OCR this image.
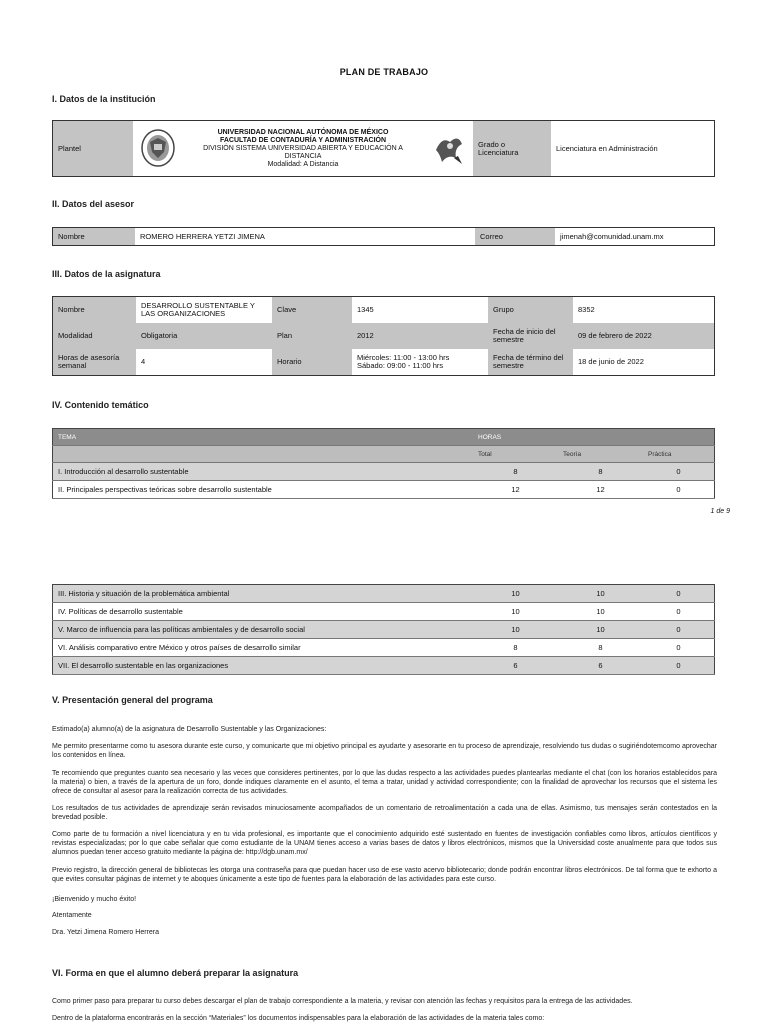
PLAN DE TRABAJO
I. Datos de la institución
Plantel		
UNIVERSIDAD NACIONAL AUTÓNOMA DE MÉXICO
FACULTAD DE CONTADURÍA Y ADMINISTRACIÓN
DIVISIÓN SISTEMA UNIVERSIDAD ABIERTA Y EDUCACIÓN A DISTANCIA
Modalidad: A Distancia
		Grado o Licenciatura	Licenciatura en Administración
II. Datos del asesor
Nombre	ROMERO HERRERA YETZI JIMENA	Correo	jimenah@comunidad.unam.mx
III. Datos de la asignatura
Nombre	DESARROLLO SUSTENTABLE Y LAS ORGANIZACIONES	Clave	1345	Grupo	8352
Modalidad	Obligatoria	Plan	2012	Fecha de inicio del semestre	09 de febrero de 2022
Horas de asesoría semanal	4	Horario	Miércoles: 11:00 - 13:00 hrs
Sábado: 09:00 - 11:00 hrs	Fecha de término del semestre	18 de junio de 2022
IV. Contenido temático
TEMA	HORAS		
	Total	Teoría	Práctica
I. Introducción al desarrollo sustentable	8	8	0
II. Principales perspectivas teóricas sobre desarrollo sustentable	12	12	0
1 de 9
III. Historia y situación de la problemática ambiental	10	10	0
IV. Políticas de desarrollo sustentable	10	10	0
V. Marco de influencia para las políticas ambientales y de desarrollo social	10	10	0
VI. Análisis comparativo entre México y otros países de desarrollo similar	8	8	0
VII. El desarrollo sustentable en las organizaciones	6	6	0
V. Presentación general del programa
Estimado(a) alumno(a) de la asignatura de Desarrollo Sustentable y las Organizaciones:
Me permito presentarme como tu asesora durante este curso, y comunicarte que mi objetivo principal es ayudarte y asesorarte en tu proceso de aprendizaje, resolviendo tus dudas o sugiriéndotemcomo aprovechar los contenidos en línea.
Te recomiendo que preguntes cuanto sea necesario y las veces que consideres pertinentes, por lo que las dudas respecto a las actividades puedes plantearlas mediante el chat (con los horarios establecidos para la materia) o bien, a través de la apertura de un foro, donde indiques claramente en el asunto, el tema a tratar, unidad y actividad correspondiente; con la finalidad de aprovechar los recursos que el sistema les ofrece de consultar al asesor para la realización correcta de tus actividades.
Los resultados de tus actividades de aprendizaje serán revisados minuciosamente acompañados de un comentario de retroalimentación a cada una de ellas. Asimismo, tus mensajes serán contestados en la brevedad posible.
Como parte de tu formación a nivel licenciatura y en tu vida profesional, es importante que el conocimiento adquirido esté sustentado en fuentes de investigación confiables como libros, artículos científicos y revistas especializadas; por lo que cabe señalar que como estudiante de la UNAM tienes acceso a varias bases de datos y libros electrónicos, mismos que la Universidad coste anualmente para que todos sus alumnos puedan tener acceso gratuito mediante la página de: http://dgb.unam.mx/
Previo registro, la dirección general de bibliotecas les otorga una contraseña para que puedan hacer uso de ese vasto acervo bibliotecario; donde podrán encontrar libros electrónicos. De tal forma que te exhorto a que evites consultar páginas de internet y te aboques únicamente a este tipo de fuentes para la elaboración de las actividades para este curso.
¡Bienvenido y mucho éxito!
Atentamente
Dra. Yetzi Jimena Romero Herrera
VI. Forma en que el alumno deberá preparar la asignatura
Como primer paso para preparar tu curso debes descargar el plan de trabajo correspondiente a la materia, y revisar con atención las fechas y requisitos para la entrega de las actividades.
Dentro de la plataforma encontrarás en la sección “Materiales” los documentos indispensables para la elaboración de las actividades de la materia tales como:
